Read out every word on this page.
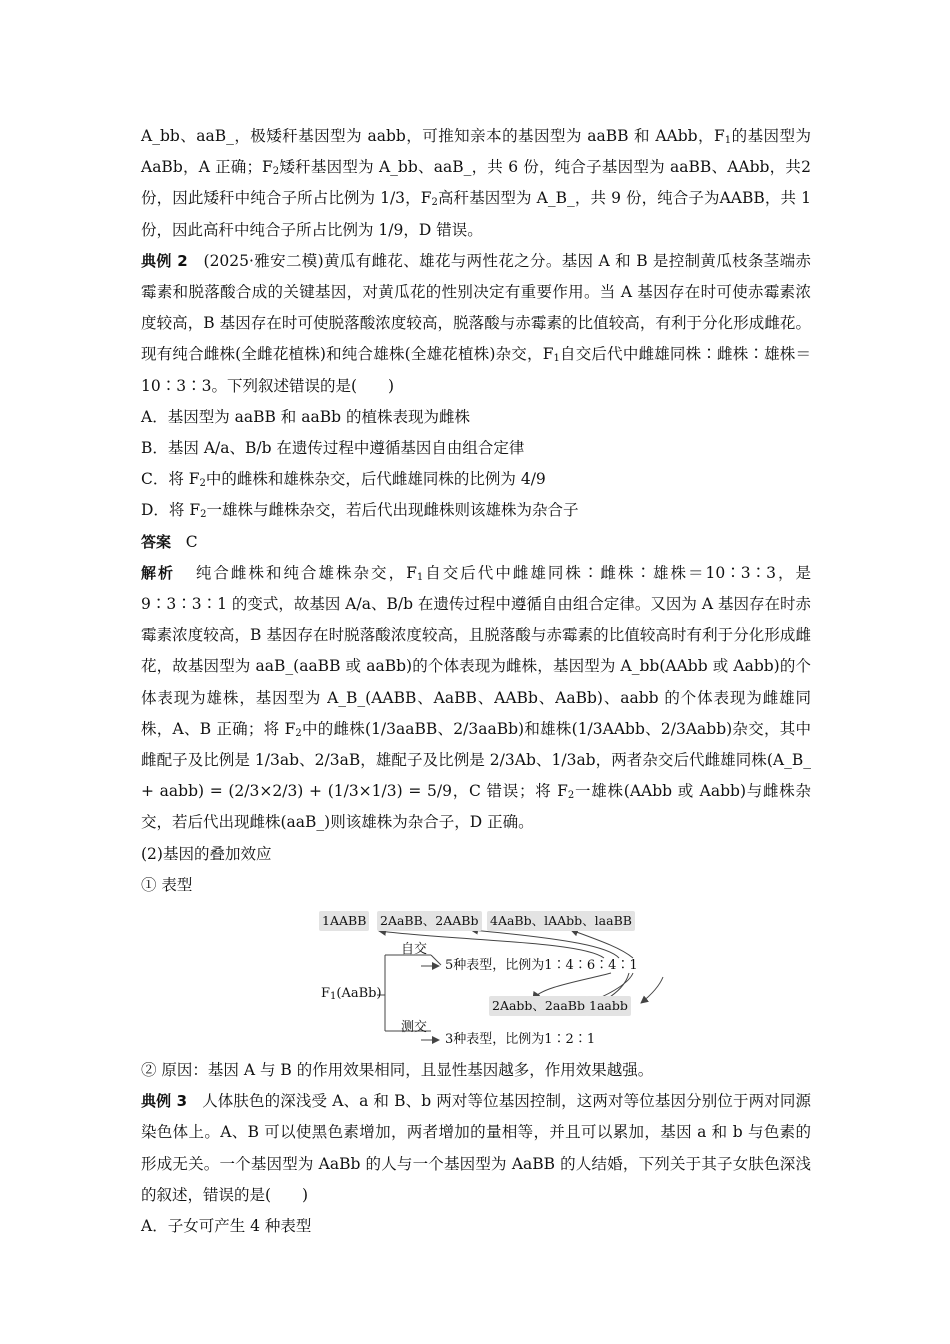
A_bb、aaB_，极矮秆基因型为 aabb，可推知亲本的基因型为 aaBB 和 AAbb，$F_1$的基因型为AaBb，A 正确；$F_2$矮秆基因型为 A_bb、aaB_，共 6 份，纯合子基因型为 aaBB、AAbb，共2 份，因此矮秆中纯合子所占比例为 1/3，$F_2$高秆基因型为 A_B_，共 9 份，纯合子为AABB，共 1 份，因此高秆中纯合子所占比例为 1/9，D 错误。

典例 2 (2025·雅安二模)黄瓜有雌花、雄花与两性花之分。基因 A 和 B 是控制黄瓜枝条茎端赤霉素和脱落酸合成的关键基因，对黄瓜花的性别决定有重要作用。当 A 基因存在时可使赤霉素浓度较高，B 基因存在时可使脱落酸浓度较高，脱落酸与赤霉素的比值较高，有利于分化形成雌花。现有纯合雌株(全雌花植株)和纯合雄株(全雄花植株)杂交，$F_1$自交后代中雌雄同株∶雌株∶雄株＝10∶3∶3。下列叙述错误的是(　　)

A．基因型为 aaBB 和 aaBb 的植株表现为雌株

B．基因 A/a、B/b 在遗传过程中遵循基因自由组合定律

C．将 $F_2$中的雌株和雄株杂交，后代雌雄同株的比例为 4/9

D．将 $F_2$一雄株与雌株杂交，若后代出现雌株则该雄株为杂合子

答案 C

解析 纯合雌株和纯合雄株杂交，$F_1$自交后代中雌雄同株∶雌株∶雄株＝10∶3∶3，是 9∶3∶3∶1 的变式，故基因 A/a、B/b 在遗传过程中遵循自由组合定律。又因为 A 基因存在时赤霉素浓度较高，B 基因存在时脱落酸浓度较高，且脱落酸与赤霉素的比值较高时有利于分化形成雌花，故基因型为 aaB_(aaBB 或 aaBb)的个体表现为雌株，基因型为 A_bb(AAbb 或 Aabb)的个体表现为雄株，基因型为 A_B_(AABB、AaBB、AABb、AaBb)、aabb 的个体表现为雌雄同株，A、B 正确；将 $F_2$中的雌株(1/3aaBB、2/3aaBb)和雄株(1/3AAbb、2/3Aabb)杂交，其中雌配子及比例是 1/3ab、2/3aB，雄配子及比例是 2/3Ab、1/3ab，两者杂交后代雌雄同株(A_B_ + aabb) = (2/3×2/3) + (1/3×1/3) = 5/9，C 错误；将 $F_2$一雄株(AAbb 或 Aabb)与雌株杂交，若后代出现雌株(aaB_)则该雄株为杂合子，D 正确。

(2)基因的叠加效应

① 表型

1AABB 2AaBB、2AABb 4AaBb、lAAbb、laaBB
自交
5种表型，比例为1∶4∶6∶4∶1
$F_1(AaBb)$
2Aabb、2aaBb 1aabb
测交
3种表型，比例为1∶2∶1

② 原因：基因 A 与 B 的作用效果相同，且显性基因越多，作用效果越强。

典例 3 人体肤色的深浅受 A、a 和 B、b 两对等位基因控制，这两对等位基因分别位于两对同源染色体上。A、B 可以使黑色素增加，两者增加的量相等，并且可以累加，基因 a 和 b 与色素的形成无关。一个基因型为 AaBb 的人与一个基因型为 AaBB 的人结婚，下列关于其子女肤色深浅的叙述，错误的是(　　)

A．子女可产生 4 种表型
